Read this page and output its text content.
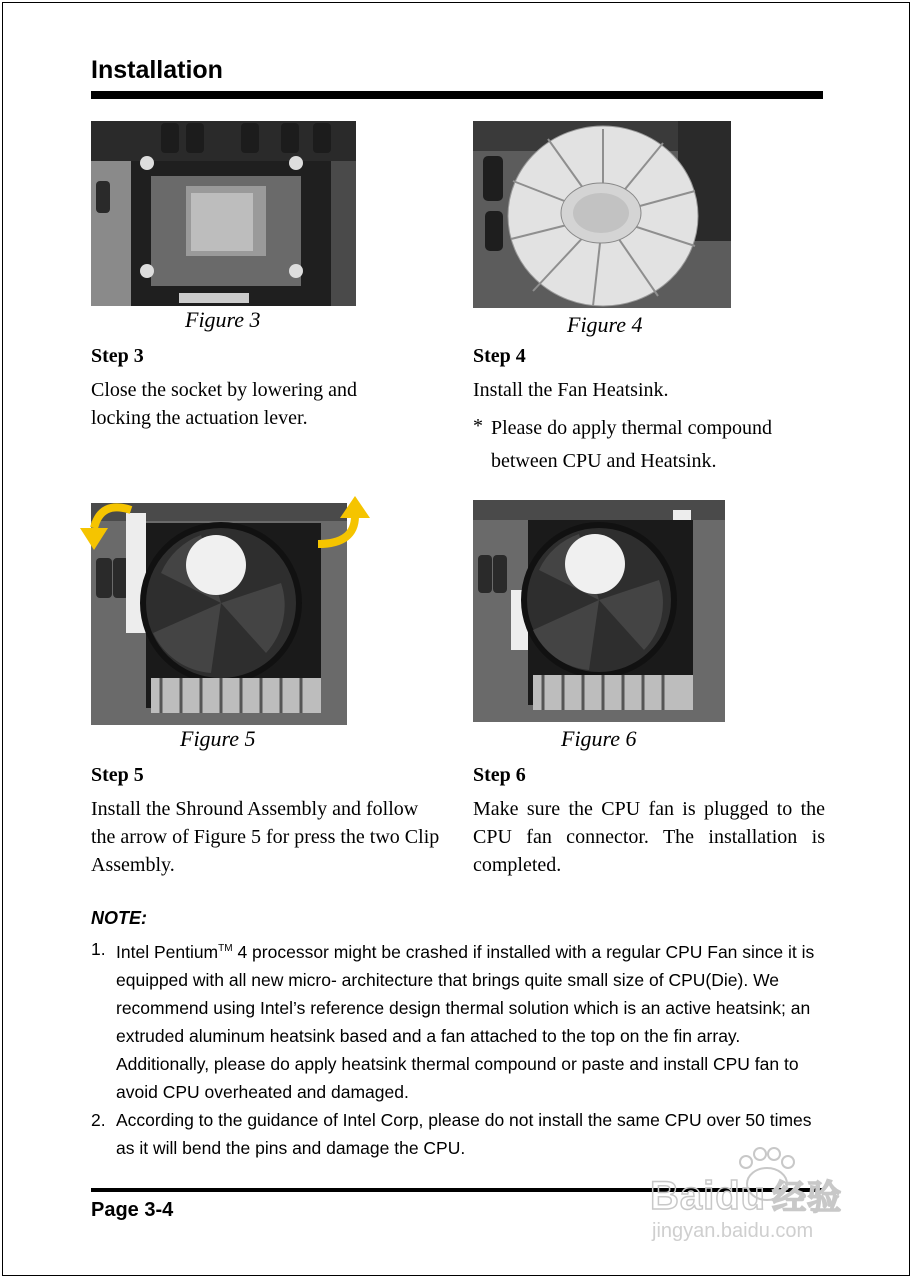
Installation
Figure 3
Step 3
Close the socket by lowering and locking the actuation lever.
Figure 4
Step 4
Install the Fan Heatsink.
* Please do apply thermal compound between CPU and Heatsink.
Figure 5
Step 5
Install the Shround Assembly and follow the arrow of Figure 5 for press the two Clip Assembly.
Figure 6
Step 6
Make sure the CPU fan is plugged to the CPU fan connector. The installation is completed.
NOTE:
1. Intel Pentium™ 4 processor might be crashed if installed with a regular CPU Fan since it is equipped with all new micro- architecture that brings quite small size of CPU(Die). We recommend using Intel’s reference design thermal solution which is an active heatsink; an extruded aluminum heatsink based and a fan attached to the top on the fin array.
Additionally, please do apply heatsink thermal compound or paste and install CPU fan to avoid CPU overheated and damaged.
2. According to the guidance of Intel Corp, please do not install the same CPU over 50 times as it will bend the pins and damage the CPU.
Page 3-4	Baidu 经验
jingyan.baidu.com
